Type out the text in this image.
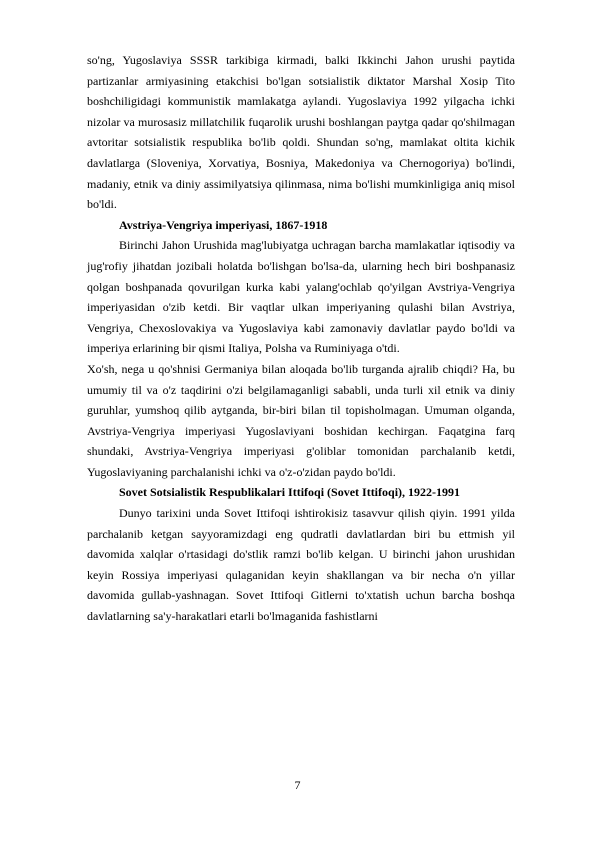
so'ng, Yugoslaviya SSSR tarkibiga kirmadi, balki Ikkinchi Jahon urushi paytida partizanlar armiyasining etakchisi bo'lgan sotsialistik diktator Marshal Xosip Tito boshchiligidagi kommunistik mamlakatga aylandi. Yugoslaviya 1992 yilgacha ichki nizolar va murosasiz millatchilik fuqarolik urushi boshlangan paytga qadar qo'shilmagan avtoritar sotsialistik respublika bo'lib qoldi. Shundan so'ng, mamlakat oltita kichik davlatlarga (Sloveniya, Xorvatiya, Bosniya, Makedoniya va Chernogoriya) bo'lindi, madaniy, etnik va diniy assimilyatsiya qilinmasa, nima bo'lishi mumkinligiga aniq misol bo'ldi.

Avstriya-Vengriya imperiyasi, 1867-1918

Birinchi Jahon Urushida mag'lubiyatga uchragan barcha mamlakatlar iqtisodiy va jug'rofiy jihatdan jozibali holatda bo'lishgan bo'lsa-da, ularning hech biri boshpanasiz qolgan boshpanada qovurilgan kurka kabi yalang'ochlab qo'yilgan Avstriya-Vengriya imperiyasidan o'zib ketdi. Bir vaqtlar ulkan imperiyaning qulashi bilan Avstriya, Vengriya, Chexoslovakiya va Yugoslaviya kabi zamonaviy davlatlar paydo bo'ldi va imperiya erlarining bir qismi Italiya, Polsha va Ruminiyaga o'tdi.

Xo'sh, nega u qo'shnisi Germaniya bilan aloqada bo'lib turganda ajralib chiqdi? Ha, bu umumiy til va o'z taqdirini o'zi belgilamaganligi sababli, unda turli xil etnik va diniy guruhlar, yumshoq qilib aytganda, bir-biri bilan til topisholmagan. Umuman olganda, Avstriya-Vengriya imperiyasi Yugoslaviyani boshidan kechirgan. Faqatgina farq shundaki, Avstriya-Vengriya imperiyasi g'oliblar tomonidan parchalanib ketdi, Yugoslaviyaning parchalanishi ichki va o'z-o'zidan paydo bo'ldi.

Sovet Sotsialistik Respublikalari Ittifoqi (Sovet Ittifoqi), 1922-1991

Dunyo tarixini unda Sovet Ittifoqi ishtirokisiz tasavvur qilish qiyin. 1991 yilda parchalanib ketgan sayyoramizdagi eng qudratli davlatlardan biri bu ettmish yil davomida xalqlar o'rtasidagi do'stlik ramzi bo'lib kelgan. U birinchi jahon urushidan keyin Rossiya imperiyasi qulaganidan keyin shakllangan va bir necha o'n yillar davomida gullab-yashnagan. Sovet Ittifoqi Gitlerni to'xtatish uchun barcha boshqa davlatlarning sa'y-harakatlari etarli bo'lmaganida fashistlarni

7
